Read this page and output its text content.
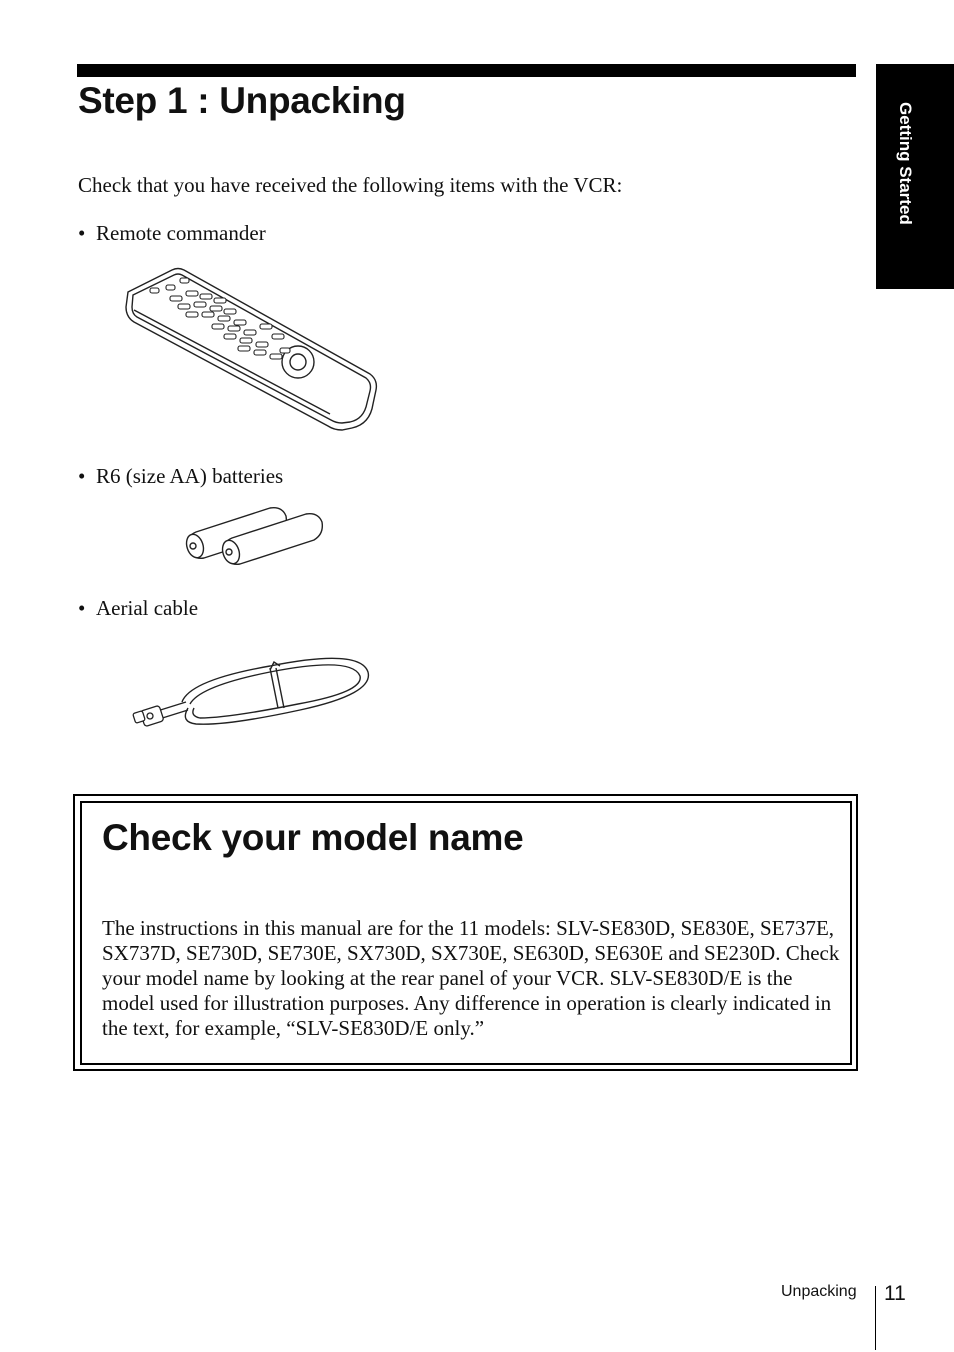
Step 1 : Unpacking
Getting Started

Check that you have received the following items with the VCR:

• Remote commander

• R6 (size AA) batteries

• Aerial cable

Check your model name

The instructions in this manual are for the 11 models: SLV-SE830D, SE830E, SE737E, SX737D, SE730D, SE730E, SX730D, SX730E, SE630D, SE630E and SE230D. Check your model name by looking at the rear panel of your VCR. SLV-SE830D/E is the model used for illustration purposes. Any difference in operation is clearly indicated in the text, for example, “SLV-SE830D/E only.”

Unpacking 11
